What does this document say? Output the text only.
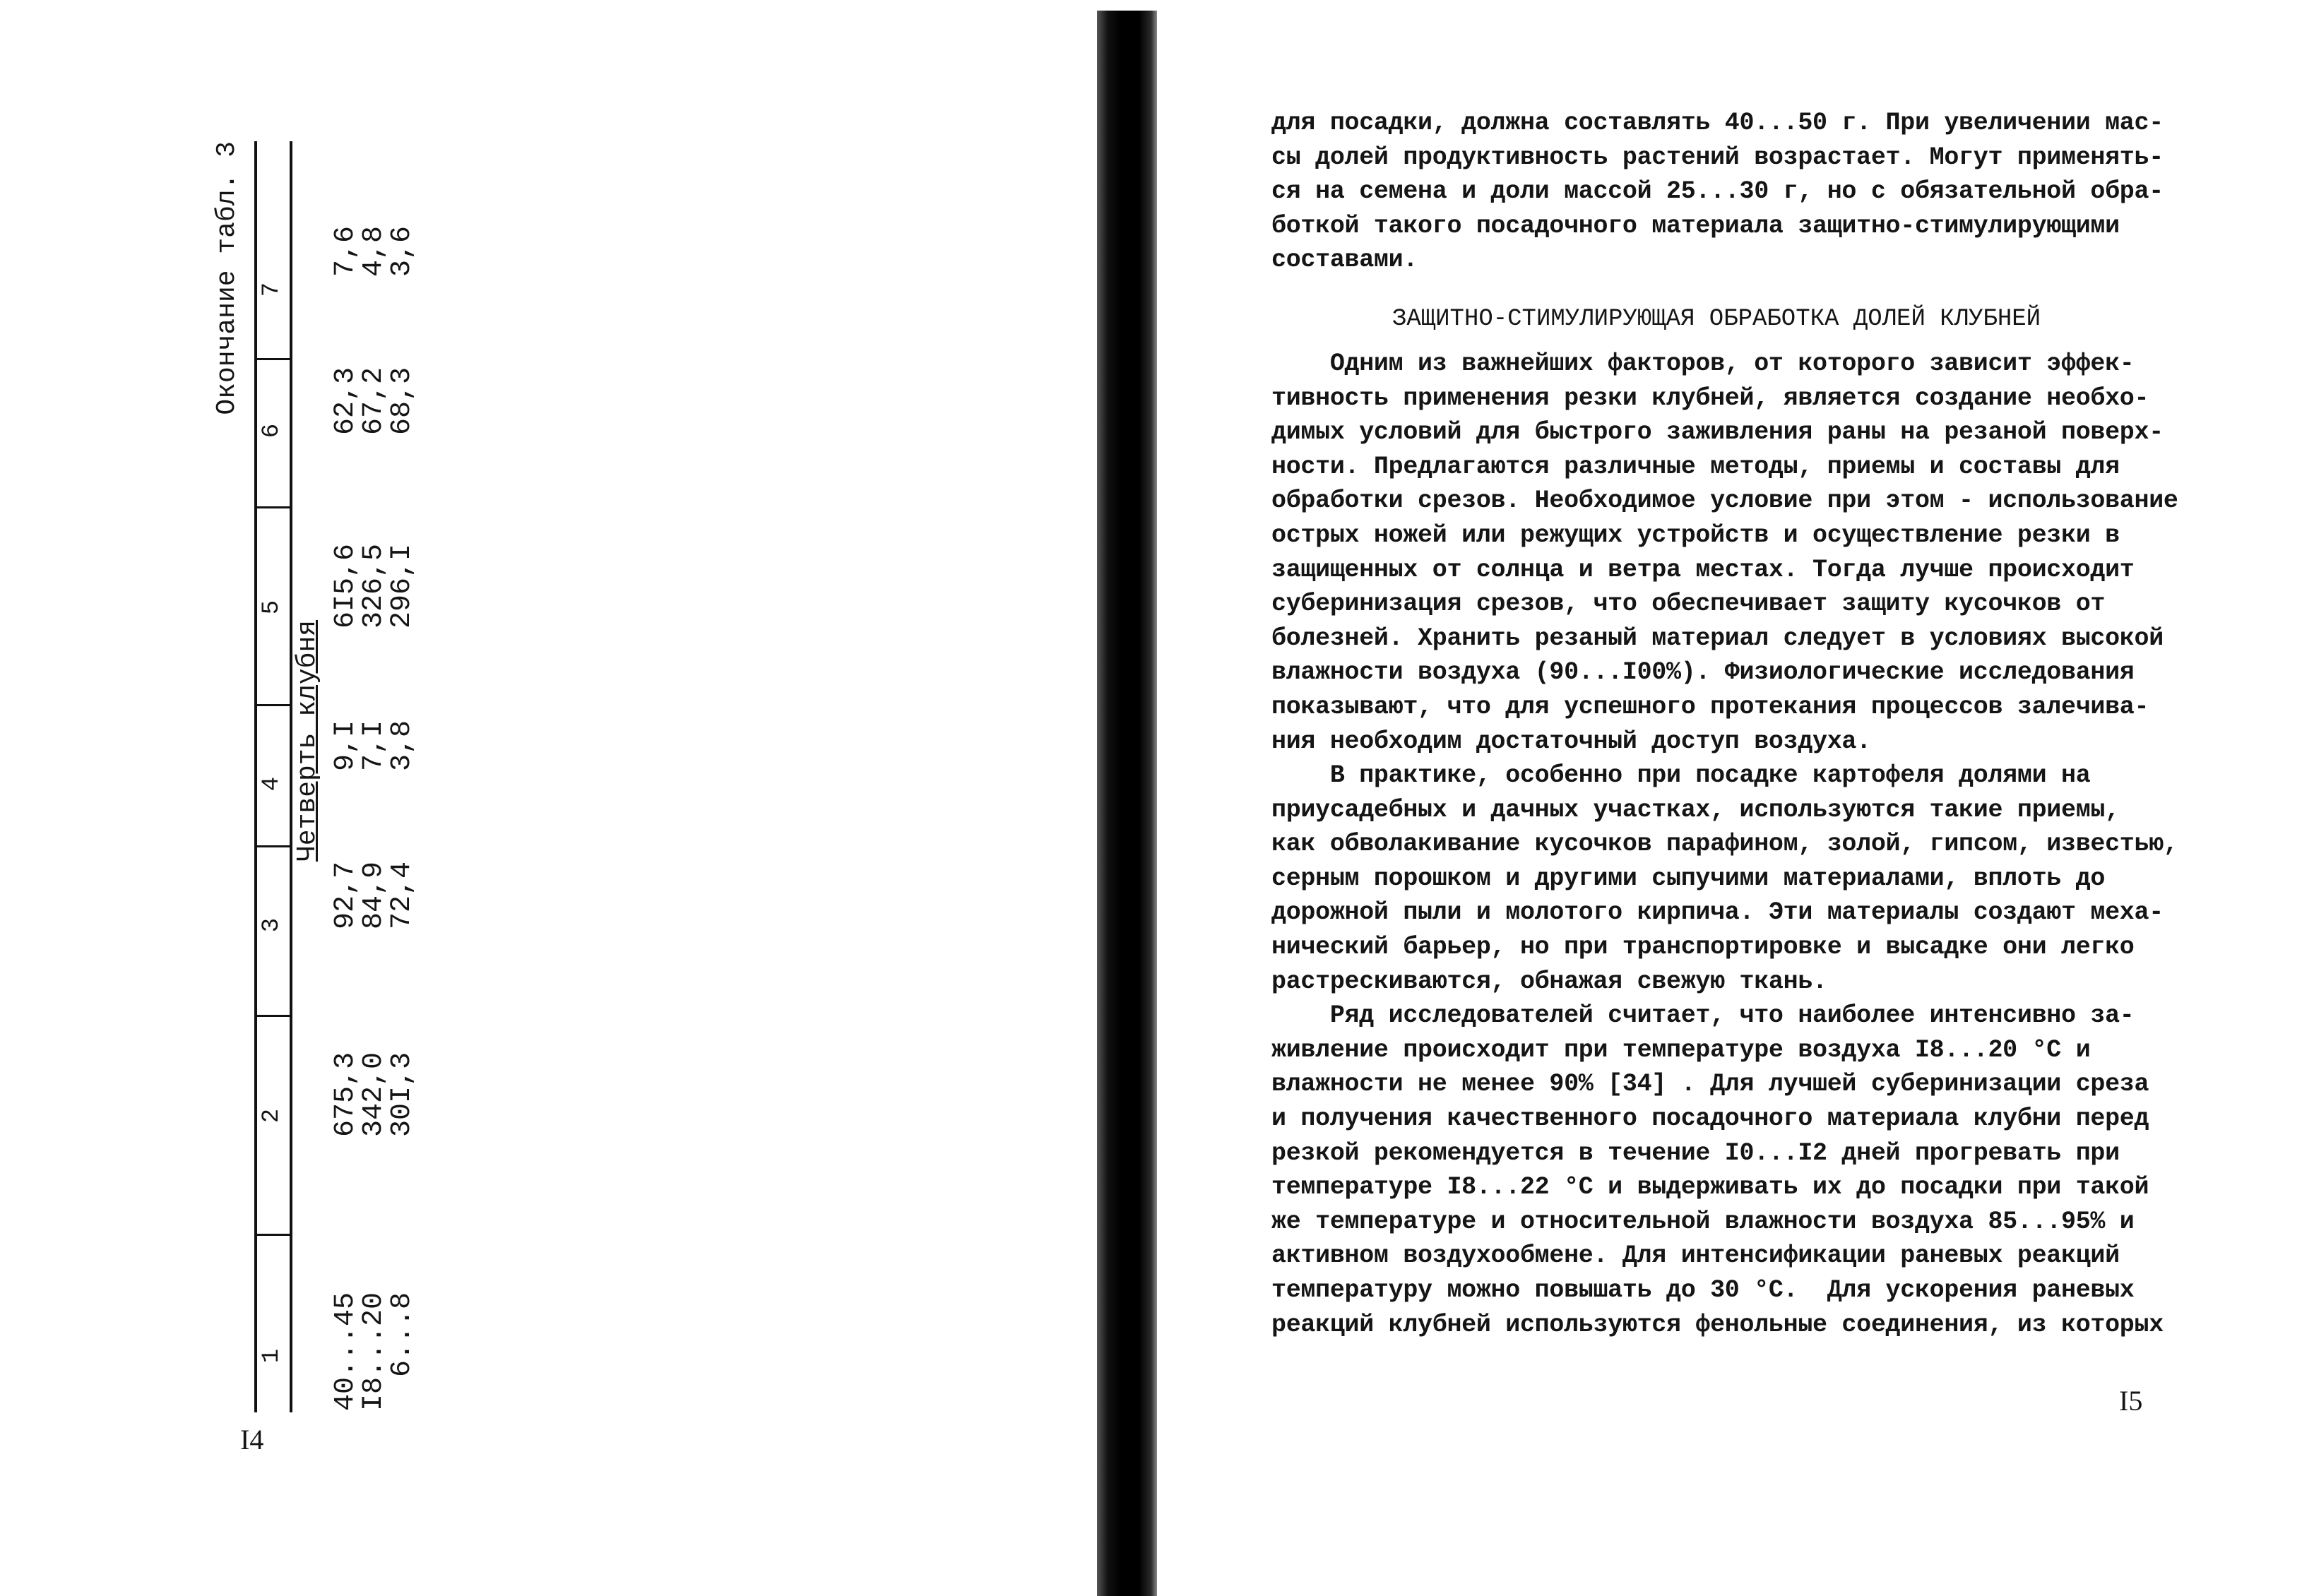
Окончание табл. 3
1
2
3
4
5
6
7
Четверть клубня
40...45
675,3
92,7
9,I
6I5,6
62,3
7,6
I8...20
342,0
84,9
7,I
326,5
67,2
4,8
6...8
30I,3
72,4
3,8
296,I
68,3
3,6
I4
для посадки, должна составлять 40...50 г. При увеличении мас-
сы долей продуктивность растений возрастает. Могут применять-
ся на семена и доли массой 25...30 г, но с обязательной обра-
боткой такого посадочного материала защитно-стимулирующими
составами.
ЗАЩИТНО-СТИМУЛИРУЮЩАЯ ОБРАБОТКА ДОЛЕЙ КЛУБНЕЙ
Одним из важнейших факторов, от которого зависит эффек-
тивность применения резки клубней, является создание необхо-
димых условий для быстрого заживления раны на резаной поверх-
ности. Предлагаются различные методы, приемы и составы для
обработки срезов. Необходимое условие при этом - использование
острых ножей или режущих устройств и осуществление резки в
защищенных от солнца и ветра местах. Тогда лучше происходит
суберинизация срезов, что обеспечивает защиту кусочков от
болезней. Хранить резаный материал следует в условиях высокой
влажности воздуха (90...I00%). Физиологические исследования
показывают, что для успешного протекания процессов залечива-
ния необходим достаточный доступ воздуха.
В практике, особенно при посадке картофеля долями на
приусадебных и дачных участках, используются такие приемы,
как обволакивание кусочков парафином, золой, гипсом, известью,
серным порошком и другими сыпучими материалами, вплоть до
дорожной пыли и молотого кирпича. Эти материалы создают меха-
нический барьер, но при транспортировке и высадке они легко
растрескиваются, обнажая свежую ткань.
Ряд исследователей считает, что наиболее интенсивно за-
живление происходит при температуре воздуха I8...20 °С и
влажности не менее 90% [34] . Для лучшей суберинизации среза
и получения качественного посадочного материала клубни перед
резкой рекомендуется в течение I0...I2 дней прогревать при
температуре I8...22 °С и выдерживать их до посадки при такой
же температуре и относительной влажности воздуха 85...95% и
активном воздухообмене. Для интенсификации раневых реакций
температуру можно повышать до 30 °С.  Для ускорения раневых
реакций клубней используются фенольные соединения, из которых
I5
